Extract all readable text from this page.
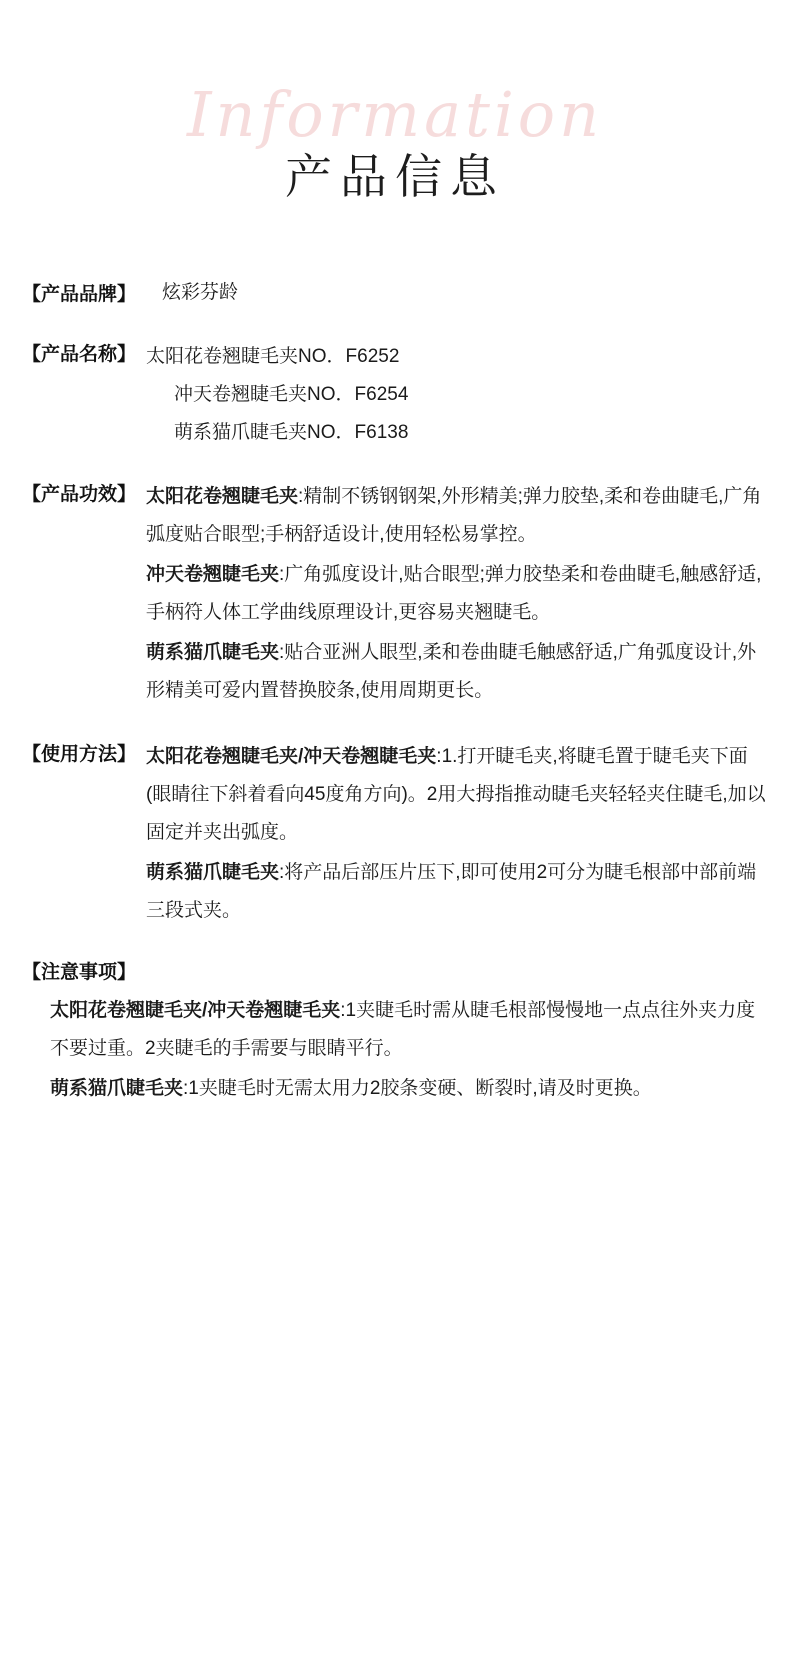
Information
产品信息
【产品品牌】	炫彩芬龄
【产品名称】 太阳花卷翘睫毛夹NO．F6252
冲天卷翘睫毛夹NO．F6254
萌系猫爪睫毛夹NO．F6138
【产品功效】 太阳花卷翘睫毛夹:精制不锈钢钢架,外形精美;弹力胶垫,柔和卷曲睫毛,广角弧度贴合眼型;手柄舒适设计,使用轻松易掌控。
冲天卷翘睫毛夹:广角弧度设计,贴合眼型;弹力胶垫柔和卷曲睫毛,触感舒适,手柄符人体工学曲线原理设计,更容易夹翘睫毛。
萌系猫爪睫毛夹:贴合亚洲人眼型,柔和卷曲睫毛触感舒适,广角弧度设计,外形精美可爱内置替换胶条,使用周期更长。
【使用方法】 太阳花卷翘睫毛夹/冲天卷翘睫毛夹:1.打开睫毛夹,将睫毛置于睫毛夹下面(眼睛往下斜着看向45度角方向)。2用大拇指推动睫毛夹轻轻夹住睫毛,加以固定并夹出弧度。
萌系猫爪睫毛夹:将产品后部压片压下,即可使用2可分为睫毛根部中部前端三段式夹。
【注意事项】
太阳花卷翘睫毛夹/冲天卷翘睫毛夹:1夹睫毛时需从睫毛根部慢慢地一点点往外夹力度不要过重。2夹睫毛的手需要与眼睛平行。
萌系猫爪睫毛夹:1夹睫毛时无需太用力2胶条变硬、断裂时,请及时更换。
